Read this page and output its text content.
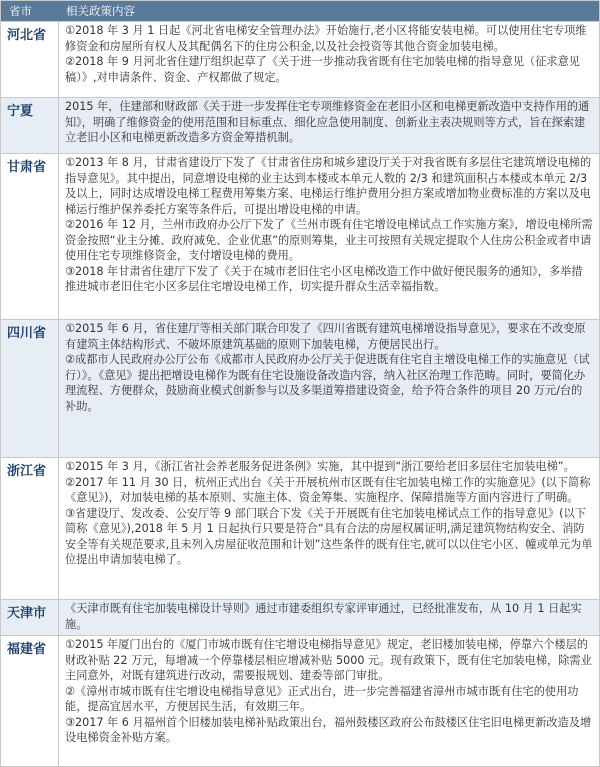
省市	相关政策内容
河北省	①2018 年 3 月 1 日起《河北省电梯安全管理办法》开始施行,老小区将能安装电梯。可以使用住宅专项维修资金和房屋所有权人及其配偶名下的住房公积金,以及社会投资等其他合资金加装电梯。

②2018 年 9 月河北省住建厅组织起草了《关于进一步推动我省既有住宅加装电梯的指导意见（征求意见稿）》,对申请条件、资金、产权都做了规定。

宁夏	2015 年，住建部和财政部《关于进一步发挥住宅专项维修资金在老旧小区和电梯更新改造中支持作用的通知》，明确了维修资金的使用范围和目标重点、细化应急使用制度、创新业主表决规则等方式，旨在探索建立老旧小区和电梯更新改造多方资金筹措机制。

甘肃省	①2013 年 8 月，甘肃省建设厅下发了《甘肃省住房和城乡建设厅关于对我省既有多层住宅建筑增设电梯的指导意见》。其中提出，同意增设电梯的业主达到本楼或本单元人数的 2/3 和建筑面积占本楼或本单元 2/3 及以上，同时达成增设电梯工程费用筹集方案、电梯运行维护费用分担方案或增加物业费标准的方案以及电梯运行维护保养委托方案等条件后，可提出增设电梯的申请。

②2016 年 12 月，兰州市政府办公厅下发了《兰州市既有住宅增设电梯试点工作实施方案》，增设电梯所需资金按照“业主分摊、政府减免、企业优惠”的原则筹集，业主可按照有关规定提取个人住房公积金或者申请使用住宅专项维修资金，支付增设电梯的费用。

③2018 年甘肃省住建厅下发了《关于在城市老旧住宅小区电梯改造工作中做好便民服务的通知》，多举措推进城市老旧住宅小区多层住宅增设电梯工作，切实提升群众生活幸福指数。

四川省	①2015 年 6 月，省住建厅等相关部门联合印发了《四川省既有建筑电梯增设指导意见》，要求在不改变原有建筑主体结构形式、不破坏原建筑基础的原则下加装电梯，方便居民出行。

②成都市人民政府办公厅公布《成都市人民政府办公厅关于促进既有住宅自主增设电梯工作的实施意见（试行）》。《意见》提出把增设电梯作为既有住宅设施设备改造内容，纳入社区治理工作范畴。同时，要简化办理流程、方便群众，鼓励商业模式创新参与以及多渠道筹措建设资金，给予符合条件的项目 20 万元/台的补助。

浙江省	①2015 年 3 月，《浙江省社会养老服务促进条例》实施，其中提到“浙江要给老旧多层住宅加装电梯”。

②2017 年 11 月 30 日，杭州正式出台《关于开展杭州市区既有住宅加装电梯工作的实施意见》(以下简称《意见》)，对加装电梯的基本原则、实施主体、资金筹集、实施程序、保障措施等方面内容进行了明确。

③省建设厅、发改委、公安厅等 9 部门联合下发《关于开展既有住宅加装电梯试点工作的指导意见》(以下简称《意见》),2018 年 5 月 1 日起执行只要是符合“具有合法的房屋权属证明,满足建筑物结构安全、消防安全等有关规范要求,且未列入房屋征收范围和计划”这些条件的既有住宅,就可以以住宅小区、幢或单元为单位提出申请加装电梯了。

天津市	《天津市既有住宅加装电梯设计导则》通过市建委组织专家评审通过，已经批准发布，从 10 月 1 日起实施。

福建省	①2015 年厦门出台的《厦门市城市既有住宅增设电梯指导意见》规定，老旧楼加装电梯，停靠六个楼层的财政补贴 22 万元，每增减一个停靠楼层相应增减补贴 5000 元。现有政策下，既有住宅加装电梯，除需业主同意外，对既有建筑进行改动，需要报规划、建委等部门审批。

②《漳州市城市既有住宅增设电梯指导意见》正式出台，进一步完善福建省漳州市城市既有住宅的使用功能，提高宜居水平，方便居民生活，有效期三年。

③2017 年 6 月福州首个旧楼加装电梯补贴政策出台，福州鼓楼区政府公布鼓楼区住宅旧电梯更新改造及增设电梯资金补贴方案。
